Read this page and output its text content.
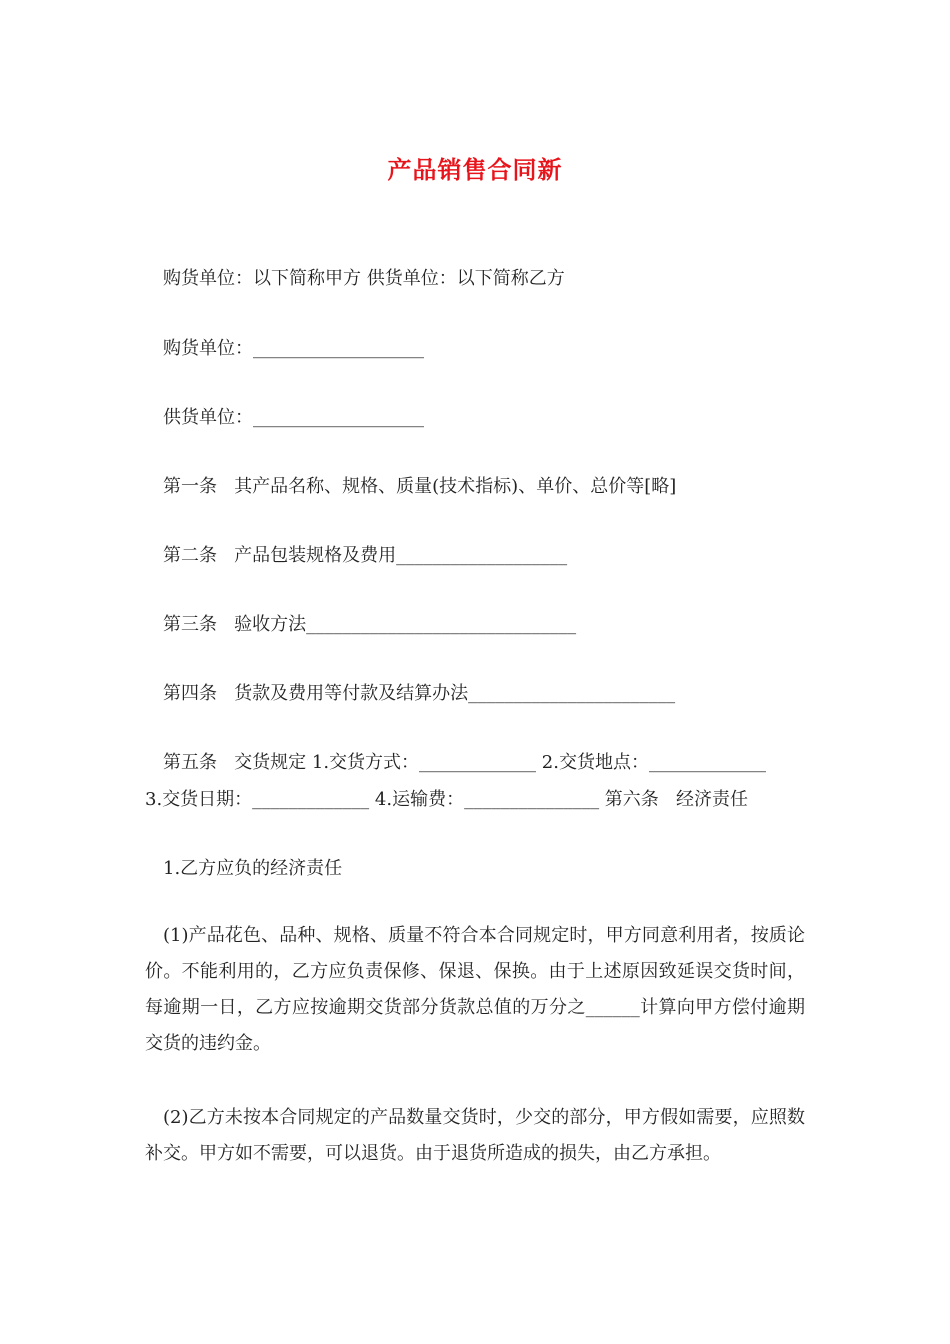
产品销售合同新
购货单位：以下简称甲方 供货单位：以下简称乙方
购货单位：___________________
供货单位：___________________
第一条   其产品名称、规格、质量(技术指标)、单价、总价等[略]
第二条   产品包装规格及费用___________________
第三条   验收方法______________________________
第四条   货款及费用等付款及结算办法_______________________
第五条   交货规定 1.交货方式：_____________ 2.交货地点：_____________
3.交货日期：_____________ 4.运输费：_______________ 第六条   经济责任
1.乙方应负的经济责任
(1)产品花色、品种、规格、质量不符合本合同规定时，甲方同意利用者，按质论价。不能利用的，乙方应负责保修、保退、保换。由于上述原因致延误交货时间，每逾期一日，乙方应按逾期交货部分货款总值的万分之______计算向甲方偿付逾期交货的违约金。
(2)乙方未按本合同规定的产品数量交货时，少交的部分，甲方假如需要，应照数补交。甲方如不需要，可以退货。由于退货所造成的损失，由乙方承担。
